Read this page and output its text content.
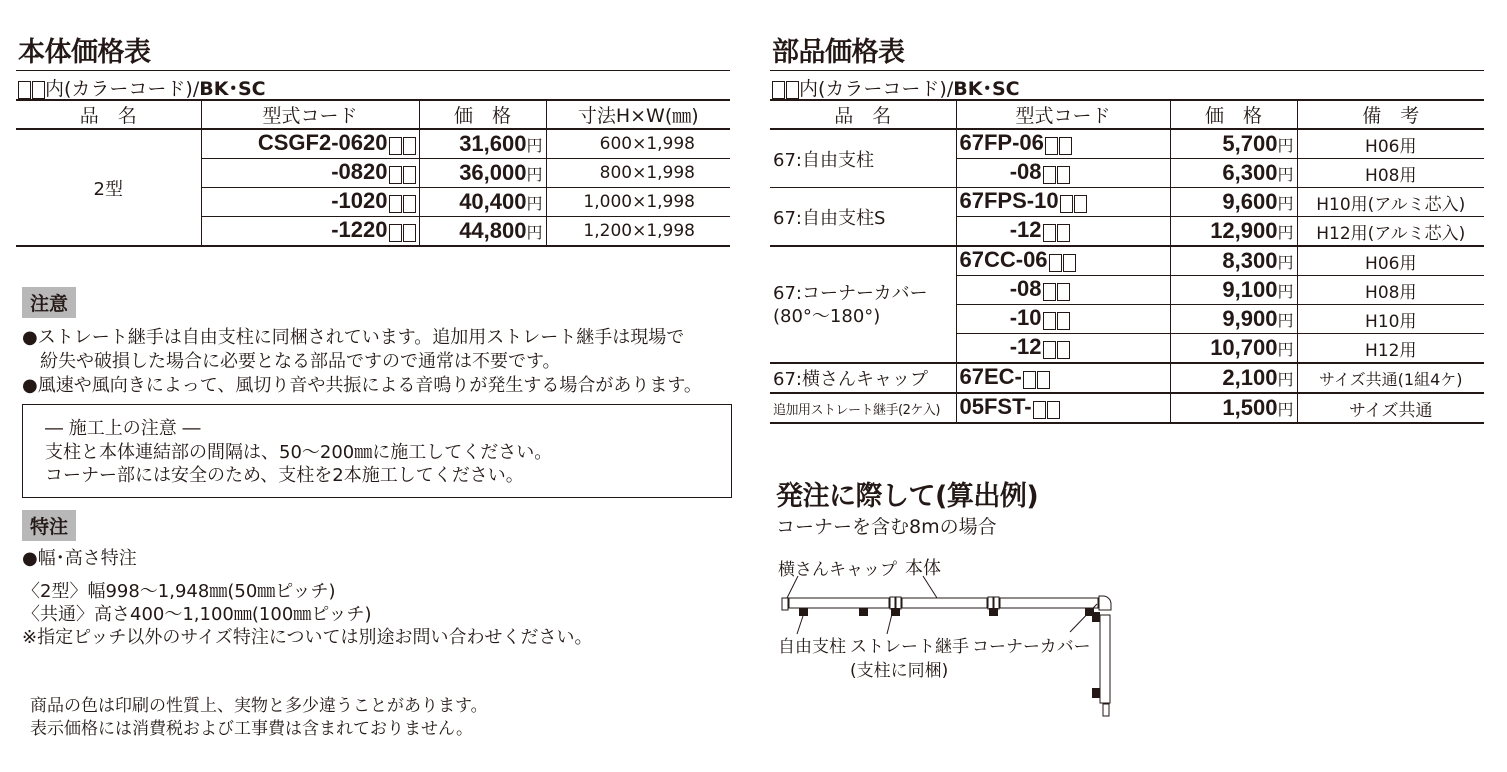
本体価格表
内(カラーコード)/BK･SC
品　名	型式コード	価　格	寸法H×W(㎜)
2型	CSGF2-0620	31,600円	600×1,998
	-0820	36,000円	800×1,998
	-1020	40,400円	1,000×1,998
	-1220	44,800円	1,200×1,998
注意
●ストレート継手は自由支柱に同梱されています。追加用ストレート継手は現場で
紛失や破損した場合に必要となる部品ですので通常は不要です。
●風速や風向きによって、風切り音や共振による音鳴りが発生する場合があります。
― 施工上の注意 ―
支柱と本体連結部の間隔は、50～200㎜に施工してください。
コーナー部には安全のため、支柱を2本施工してください。
特注
●幅･高さ特注
〈2型〉幅998～1,948㎜(50㎜ピッチ)
〈共通〉高さ400～1,100㎜(100㎜ピッチ)
※指定ピッチ以外のサイズ特注については別途お問い合わせください。
商品の色は印刷の性質上、実物と多少違うことがあります。
表示価格には消費税および工事費は含まれておりません。
部品価格表
内(カラーコード)/BK･SC
品　名	型式コード	価　格	備　考
67:自由支柱	67FP-06	5,700円	H06用
	-08	6,300円	H08用
67:自由支柱S	67FPS-10	9,600円	H10用(アルミ芯入)
	-12	12,900円	H12用(アルミ芯入)

67:コーナーカバー
(80°～180°)	67CC-06	8,300円	H06用
	-08	9,100円	H08用
	-10	9,900円	H10用
	-12	10,700円	H12用
67:横さんキャップ	67EC-	2,100円	サイズ共通(1組4ケ)
追加用ストレート継手(2ケ入)	05FST-	1,500円	サイズ共通
発注に際して(算出例)
コーナーを含む8mの場合
横さんキャップ 本体
自由支柱 ストレート継手
(支柱に同梱)
コーナーカバー
